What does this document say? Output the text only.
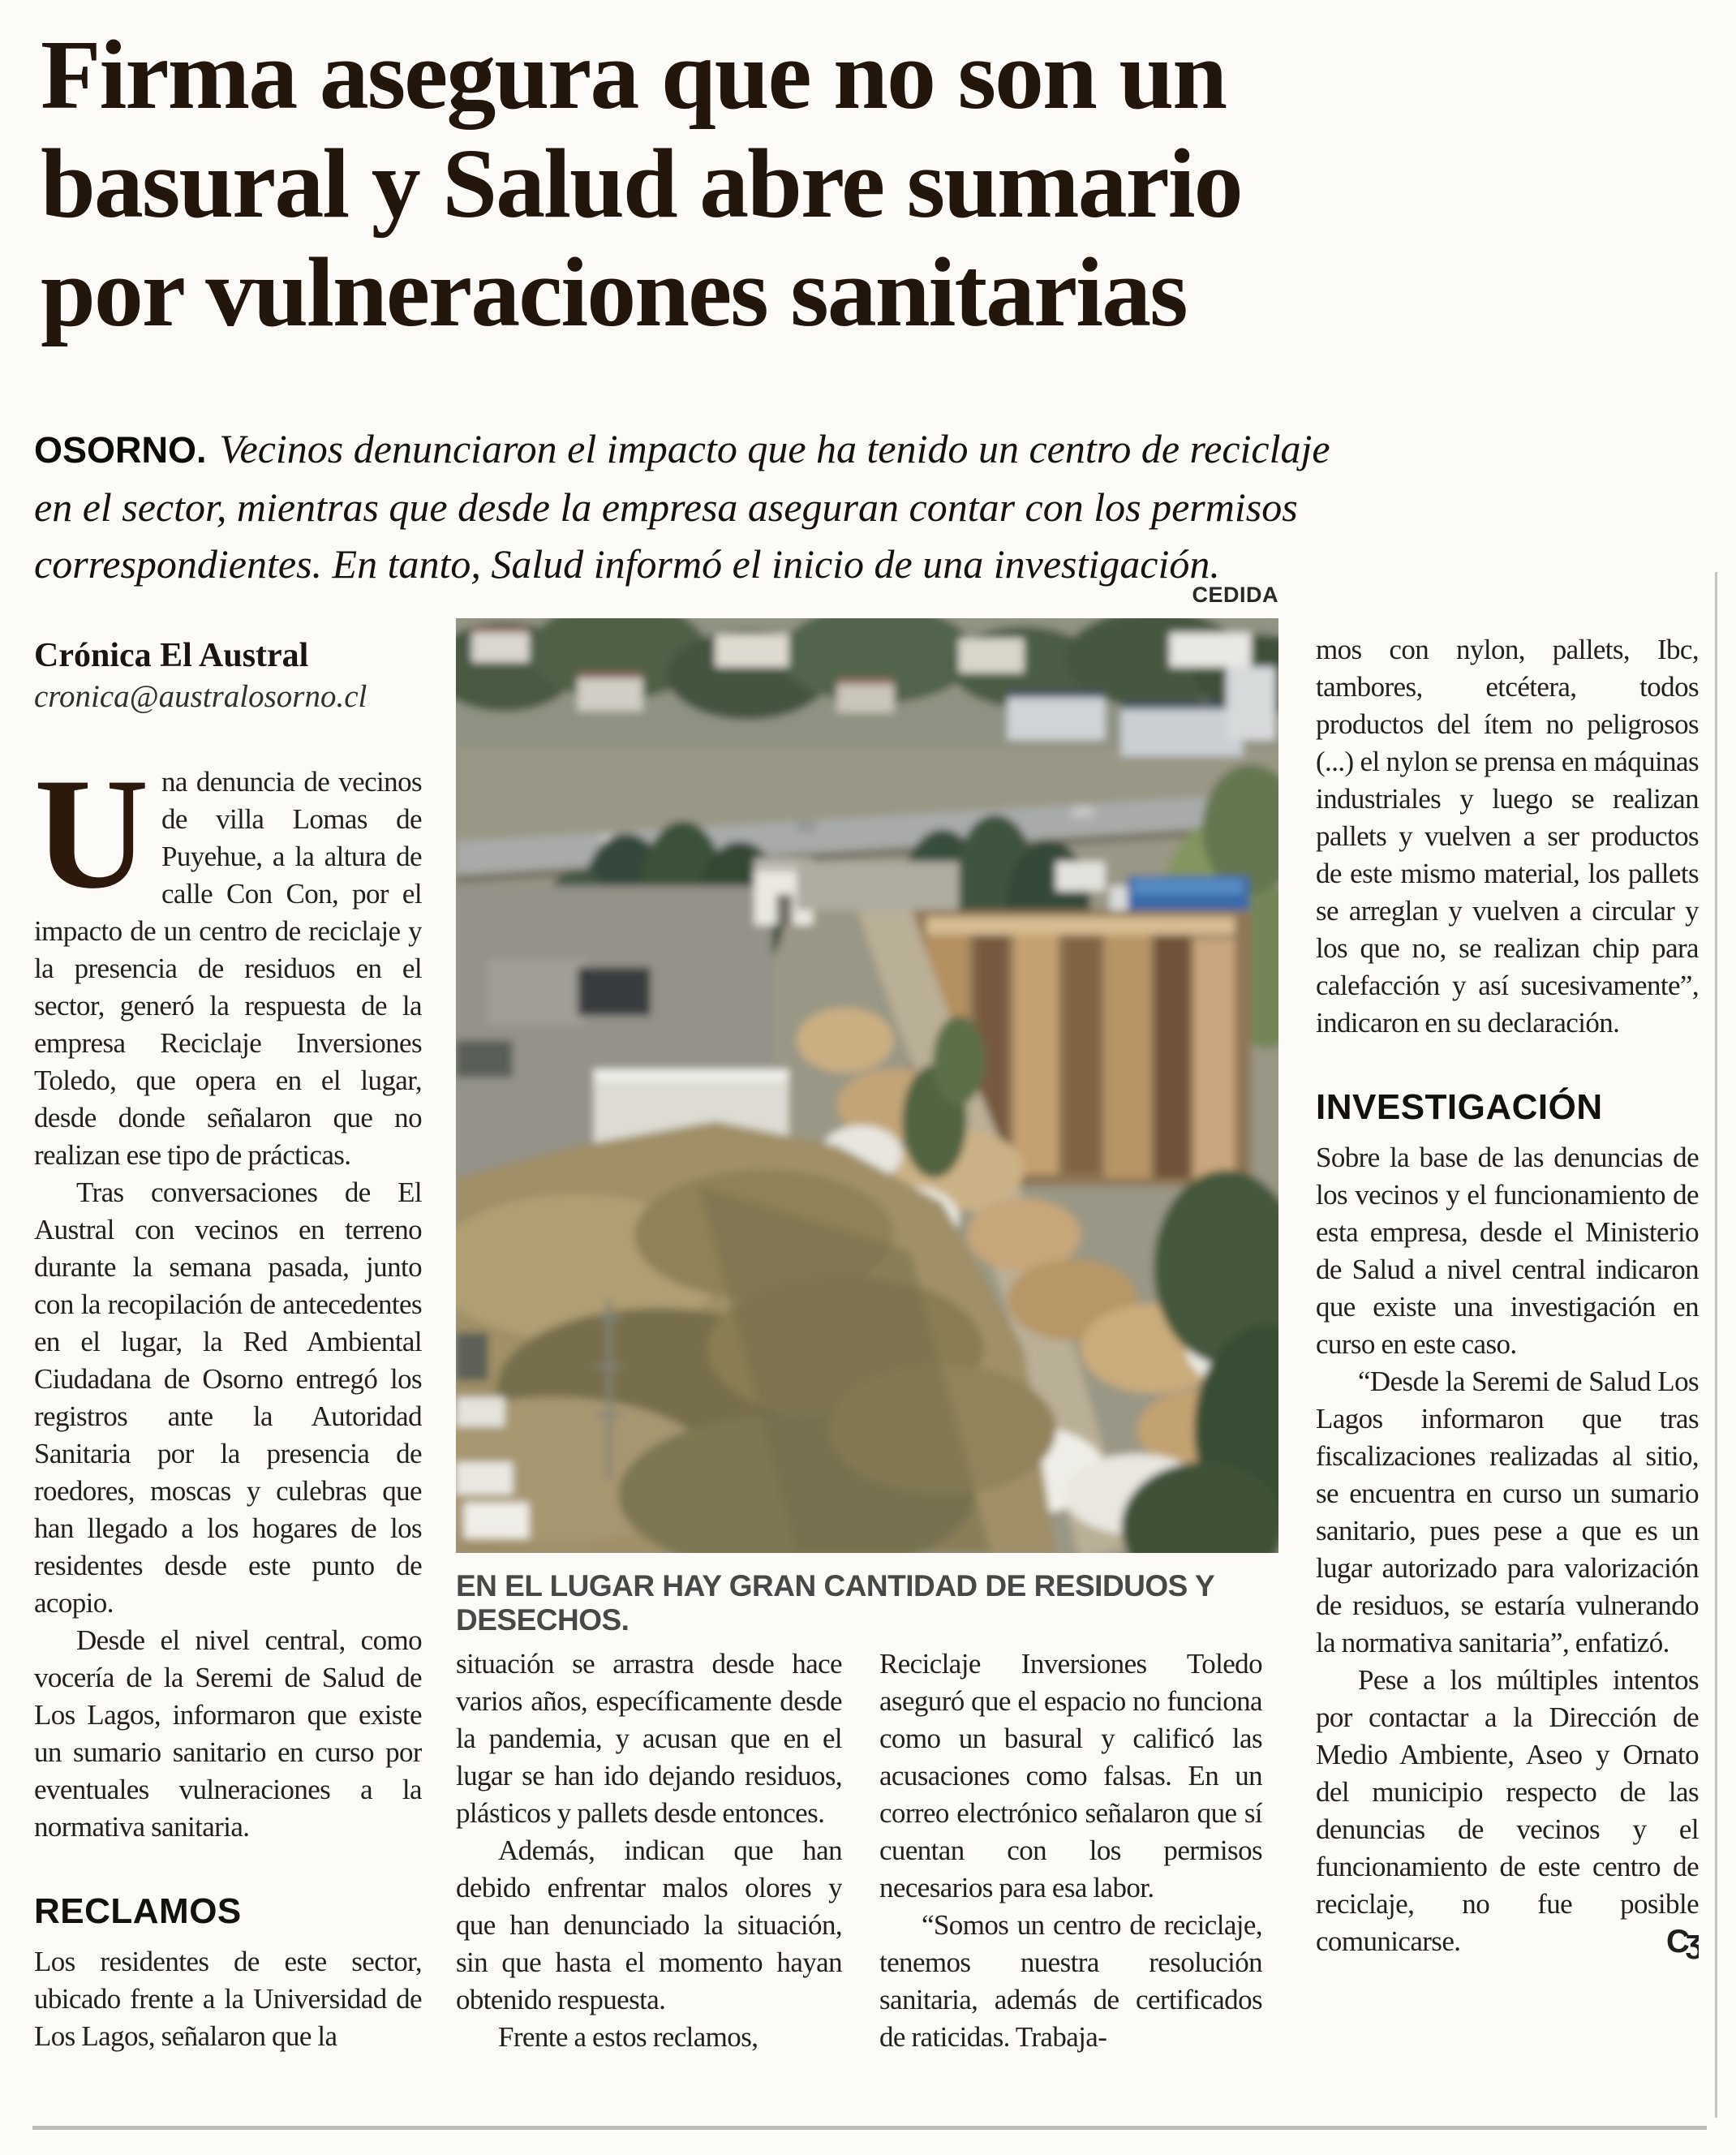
Firma asegura que no son un
basural y Salud abre sumario
por vulneraciones sanitarias

OSORNO. Vecinos denunciaron el impacto que ha tenido un centro de reciclaje en el sector, mientras que desde la empresa aseguran contar con los permisos correspondientes. En tanto, Salud informó el inicio de una investigación.

Crónica El Austral
cronica@australosorno.cl

Una denuncia de vecinos de villa Lomas de Puyehue, a la altura de calle Con Con, por el impacto de un centro de reciclaje y la presencia de residuos en el sector, generó la respuesta de la empresa Reciclaje Inversiones Toledo, que opera en el lugar, desde donde señalaron que no realizan ese tipo de prácticas.

Tras conversaciones de El Austral con vecinos en terreno durante la semana pasada, junto con la recopilación de antecedentes en el lugar, la Red Ambiental Ciudadana de Osorno entregó los registros ante la Autoridad Sanitaria por la presencia de roedores, moscas y culebras que han llegado a los hogares de los residentes desde este punto de acopio.

Desde el nivel central, como vocería de la Seremi de Salud de Los Lagos, informaron que existe un sumario sanitario en curso por eventuales vulneraciones a la normativa sanitaria.

RECLAMOS

Los residentes de este sector, ubicado frente a la Universidad de Los Lagos, señalaron que la

CEDIDA
EN EL LUGAR HAY GRAN CANTIDAD DE RESIDUOS Y DESECHOS.

situación se arrastra desde hace varios años, específicamente desde la pandemia, y acusan que en el lugar se han ido dejando residuos, plásticos y pallets desde entonces.

Además, indican que han debido enfrentar malos olores y que han denunciado la situación, sin que hasta el momento hayan obtenido respuesta.

Frente a estos reclamos,

Reciclaje Inversiones Toledo aseguró que el espacio no funciona como un basural y calificó las acusaciones como falsas. En un correo electrónico señalaron que sí cuentan con los permisos necesarios para esa labor.

“Somos un centro de reciclaje, tenemos nuestra resolución sanitaria, además de certificados de raticidas. Trabaja-

mos con nylon, pallets, Ibc, tambores, etcétera, todos productos del ítem no peligrosos (...) el nylon se prensa en máquinas industriales y luego se realizan pallets y vuelven a ser productos de este mismo material, los pallets se arreglan y vuelven a circular y los que no, se realizan chip para calefacción y así sucesivamente”, indicaron en su declaración.

INVESTIGACIÓN

Sobre la base de las denuncias de los vecinos y el funcionamiento de esta empresa, desde el Ministerio de Salud a nivel central indicaron que existe una investigación en curso en este caso.

“Desde la Seremi de Salud Los Lagos informaron que tras fiscalizaciones realizadas al sitio, se encuentra en curso un sumario sanitario, pues pese a que es un lugar autorizado para valorización de residuos, se estaría vulnerando la normativa sanitaria”, enfatizó.

Pese a los múltiples intentos por contactar a la Dirección de Medio Ambiente, Aseo y Ornato del municipio respecto de las denuncias de vecinos y el funcionamiento de este centro de reciclaje, no fue posible comunicarse.	Cʒ
